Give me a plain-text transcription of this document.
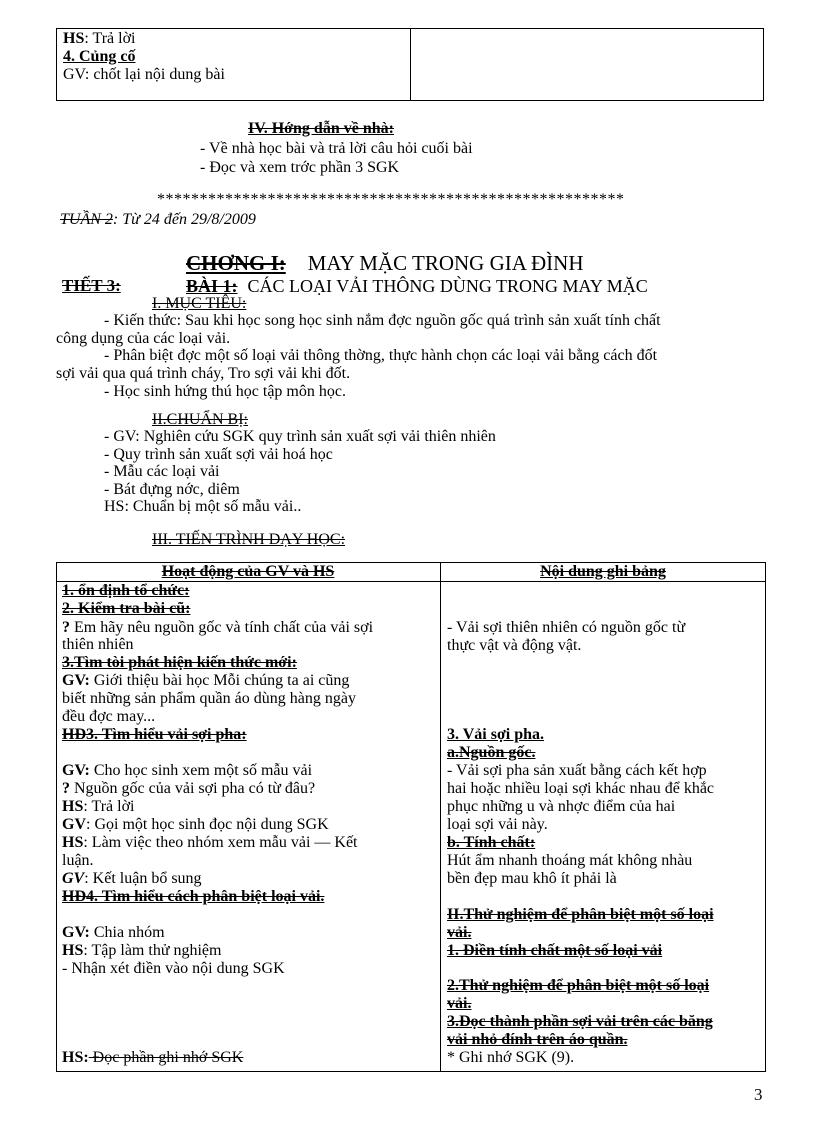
HS: Trả lời
4. Củng cố
GV: chốt lại nội dung bài
IV. Hớng dẫn về nhà:
- Về nhà học bài và trả lời câu hỏi cuối bài
- Đọc và xem trớc phần 3 SGK
*******************************************************
TUẦN 2: Từ 24 đến 29/8/2009
CHƠNG I: MAY MẶC TRONG GIA ĐÌNH
TIẾT 3:	BÀI 1: CÁC LOẠI VẢI THÔNG DÙNG TRONG MAY MẶC
I. MỤC TIÊU:
- Kiến thức: Sau khi học song học sinh nắm đợc nguồn gốc quá trình sản xuất tính chất
công dụng của các loại vải.
- Phân biệt đợc một số loại vải thông thờng, thực hành chọn các loại vải bằng cách đốt
sợi vải qua quá trình cháy, Tro sợi vải khi đốt.
- Học sinh hứng thú học tập môn học.
II.CHUẨN BỊ:
- GV: Nghiên cứu SGK quy trình sản xuất sợi vải thiên nhiên
- Quy trình sản xuất sợi vải hoá học
- Mẫu các loại vải
- Bát đựng nớc, diêm
HS: Chuẩn bị một số mẫu vải..
III. TIẾN TRÌNH DẠY HỌC:
Hoạt động của GV và HS	Nội dung ghi bảng
1. ổn định tổ chức:
2. Kiểm tra bài cũ:
? Em hãy nêu nguồn gốc và tính chất của vải sợi
thiên nhiên
3.Tìm tòi phát hiện kiến thức mới:
GV: Giới thiệu bài học Mỗi chúng ta ai cũng
biết những sản phẩm quần áo dùng hàng ngày
đều đợc may...
HĐ3. Tìm hiểu vải sợi pha:
GV: Cho học sinh xem một số mẫu vải
? Nguồn gốc của vải sợi pha có từ đâu?
HS: Trả lời
GV: Gọi một học sinh đọc nội dung SGK
HS: Làm việc theo nhóm xem mẫu vải — Kết
luận.
GV: Kết luận bổ sung
HĐ4. Tìm hiểu cách phân biệt loại vải.
GV: Chia nhóm
HS: Tập làm thử nghiệm
- Nhận xét điền vào nội dung SGK
HS: Đọc phần ghi nhớ SGK
- Vải sợi thiên nhiên có nguồn gốc từ
thực vật và động vật.
3. Vải sợi pha.
a.Nguồn gốc.
- Vải sợi pha sản xuất bằng cách kết hợp
hai hoặc nhiều loại sợi khác nhau để khắc
phục những u và nhợc điểm của hai
loại sợi vải này.
b. Tính chất:
Hút ẩm nhanh thoáng mát không nhàu
bền đẹp mau khô ít phải là
II.Thử nghiệm để phân biệt một số loại
vải.
1. Điền tính chất một số loại vải
2.Thử nghiệm để phân biệt một số loại
vải.
3.Đọc thành phần sợi vải trên các băng
vải nhỏ đính trên áo quần.
* Ghi nhớ SGK (9).
3
